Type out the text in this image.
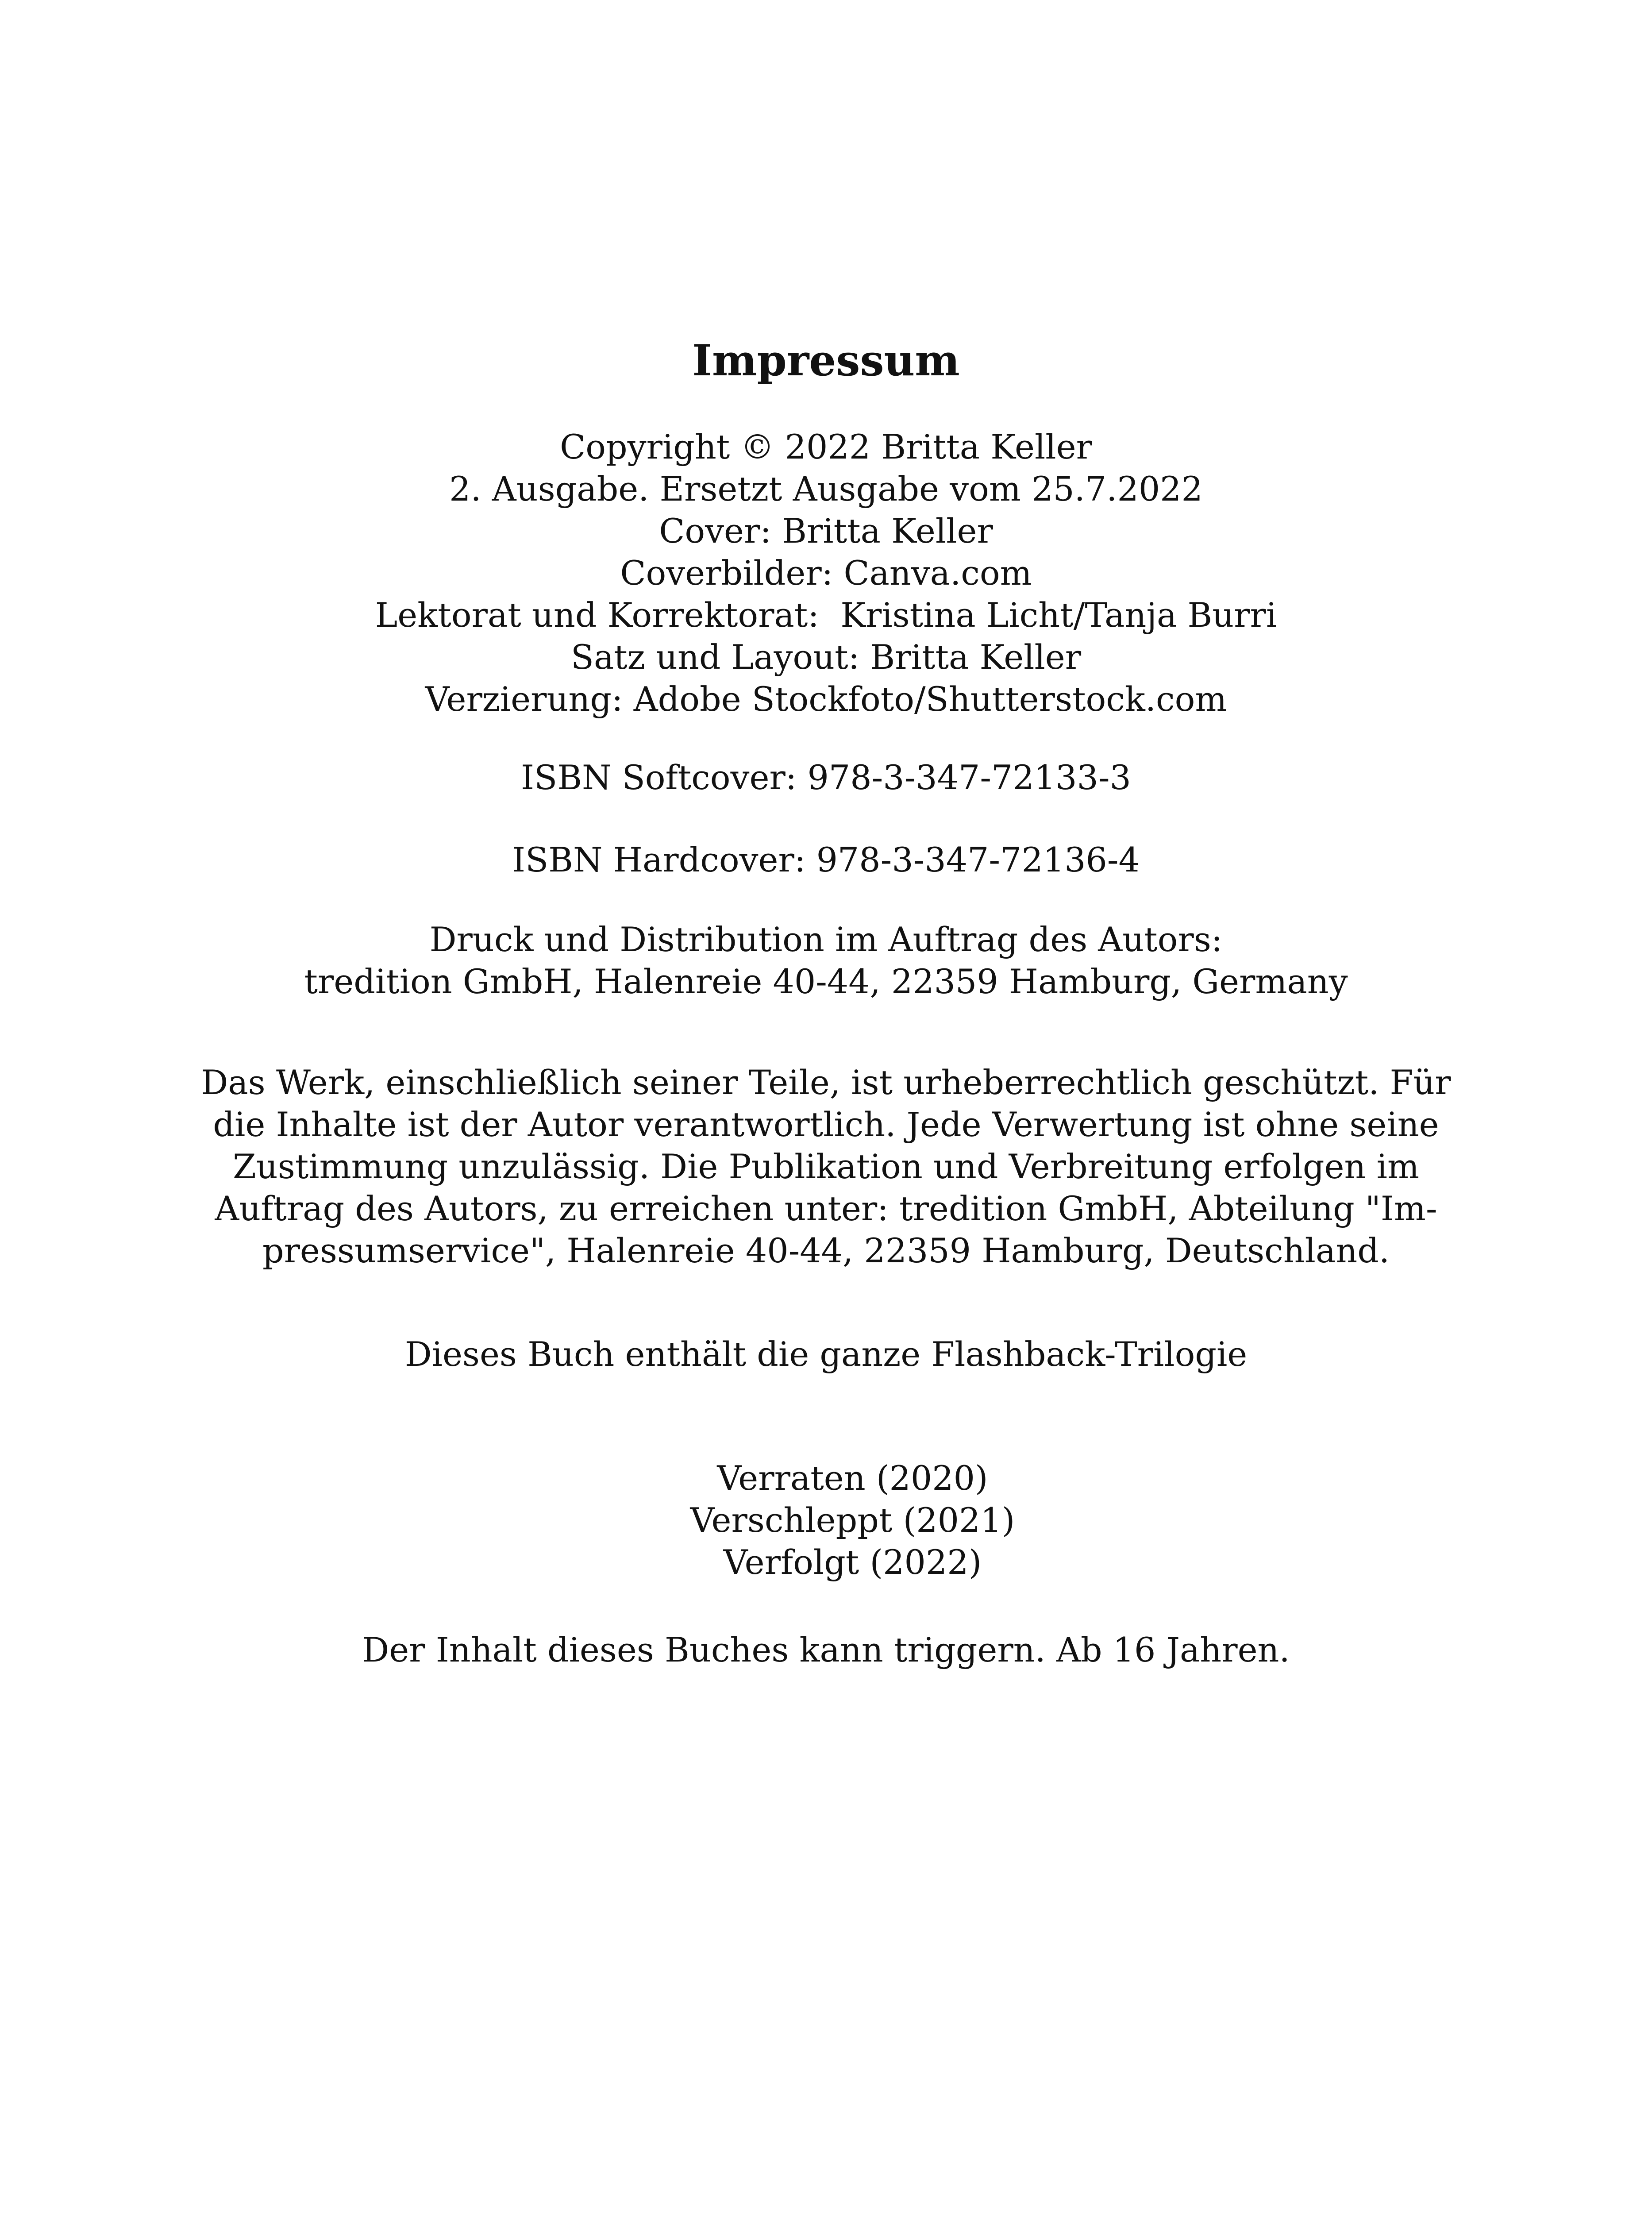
Impressum
Copyright © 2022 Britta Keller
2. Ausgabe. Ersetzt Ausgabe vom 25.7.2022
Cover: Britta Keller
Coverbilder: Canva.com
Lektorat und Korrektorat:  Kristina Licht/Tanja Burri
Satz und Layout: Britta Keller
Verzierung: Adobe Stockfoto/Shutterstock.com
ISBN Softcover: 978-3-347-72133-3
ISBN Hardcover: 978-3-347-72136-4
Druck und Distribution im Auftrag des Autors:
tredition GmbH, Halenreie 40-44, 22359 Hamburg, Germany
Das Werk, einschließlich seiner Teile, ist urheberrechtlich geschützt. Für
die Inhalte ist der Autor verantwortlich. Jede Verwertung ist ohne seine
Zustimmung unzulässig. Die Publikation und Verbreitung erfolgen im
Auftrag des Autors, zu erreichen unter: tredition GmbH, Abteilung "Im-
pressumservice", Halenreie 40-44, 22359 Hamburg, Deutschland.
Dieses Buch enthält die ganze Flashback-Trilogie
Verraten (2020)
Verschleppt (2021)
Verfolgt (2022)
Der Inhalt dieses Buches kann triggern. Ab 16 Jahren.
